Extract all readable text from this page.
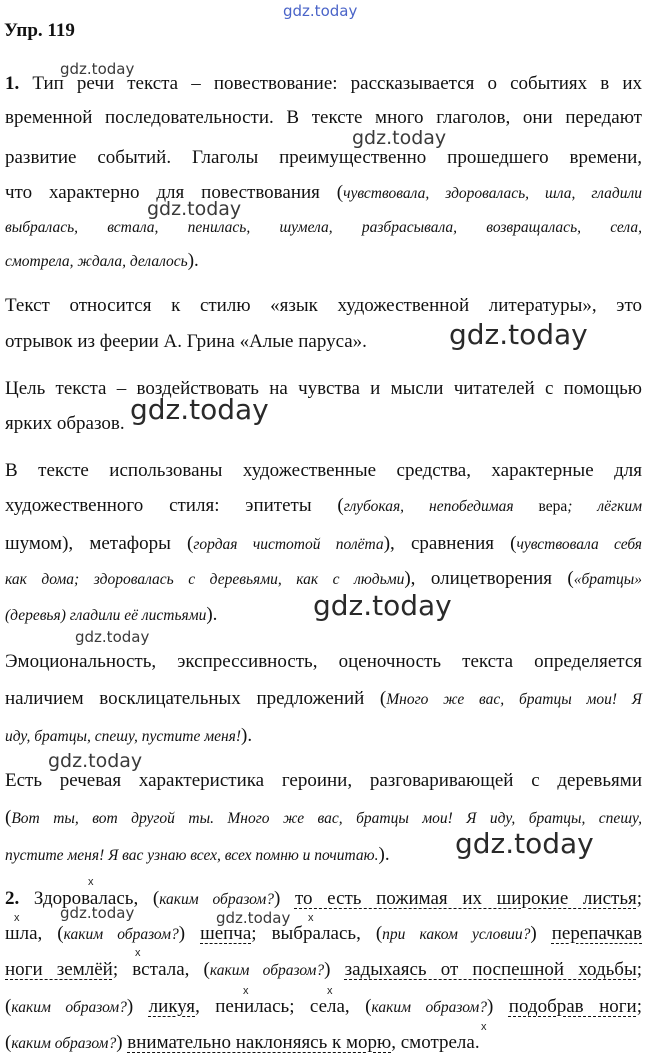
gdz.today
gdz.today
gdz.today
gdz.today
gdz.today
gdz.today
gdz.today
gdz.today
gdz.today
gdz.today
gdz.today	gdz.today
Упр. 119
1. Тип речи текста – повествование: рассказывается о событиях в их
временной последовательности. В тексте много глаголов, они передают
развитие событий. Глаголы преимущественно прошедшего времени,
что характерно для повествования (чувствовала, здоровалась, шла, гладили
выбралась, встала, пенилась, шумела, разбрасывала, возвращалась, села,
смотрела, ждала, делалось).
Текст относится к стилю «язык художественной литературы», это
отрывок из феерии А. Грина «Алые паруса».
Цель текста – воздействовать на чувства и мысли читателей с помощью
ярких образов.
В тексте использованы художественные средства, характерные для
художественного стиля: эпитеты (глубокая, непобедимая вера; лёгким
шумом), метафоры (гордая чистотой полёта), сравнения (чувствовала себя
как дома; здоровалась с деревьями, как с людьми), олицетворения («братцы»
(деревья) гладили её листьями).
Эмоциональность, экспрессивность, оценочность текста определяется
наличием восклицательных предложений (Много же вас, братцы мои! Я
иду, братцы, спешу, пустите меня!).
Есть речевая характеристика героини, разговаривающей с деревьями
(Вот ты, вот другой ты. Много же вас, братцы мои! Я иду, братцы, спешу,
пустите меня! Я вас узнаю всех, всех помню и почитаю.).
x
2. Здоровалась, (каким образом?) то есть пожимая их широкие листья;
x	x
шла, (каким образом?) шепча; выбралась, (при каком условии?) перепачкав
x
ноги землёй; встала, (каким образом?) задыхаясь от поспешной ходьбы;
x	x
(каким образом?) ликуя, пенилась; села, (каким образом?) подобрав ноги;
x
(каким образом?) внимательно наклоняясь к морю, смотрела.
